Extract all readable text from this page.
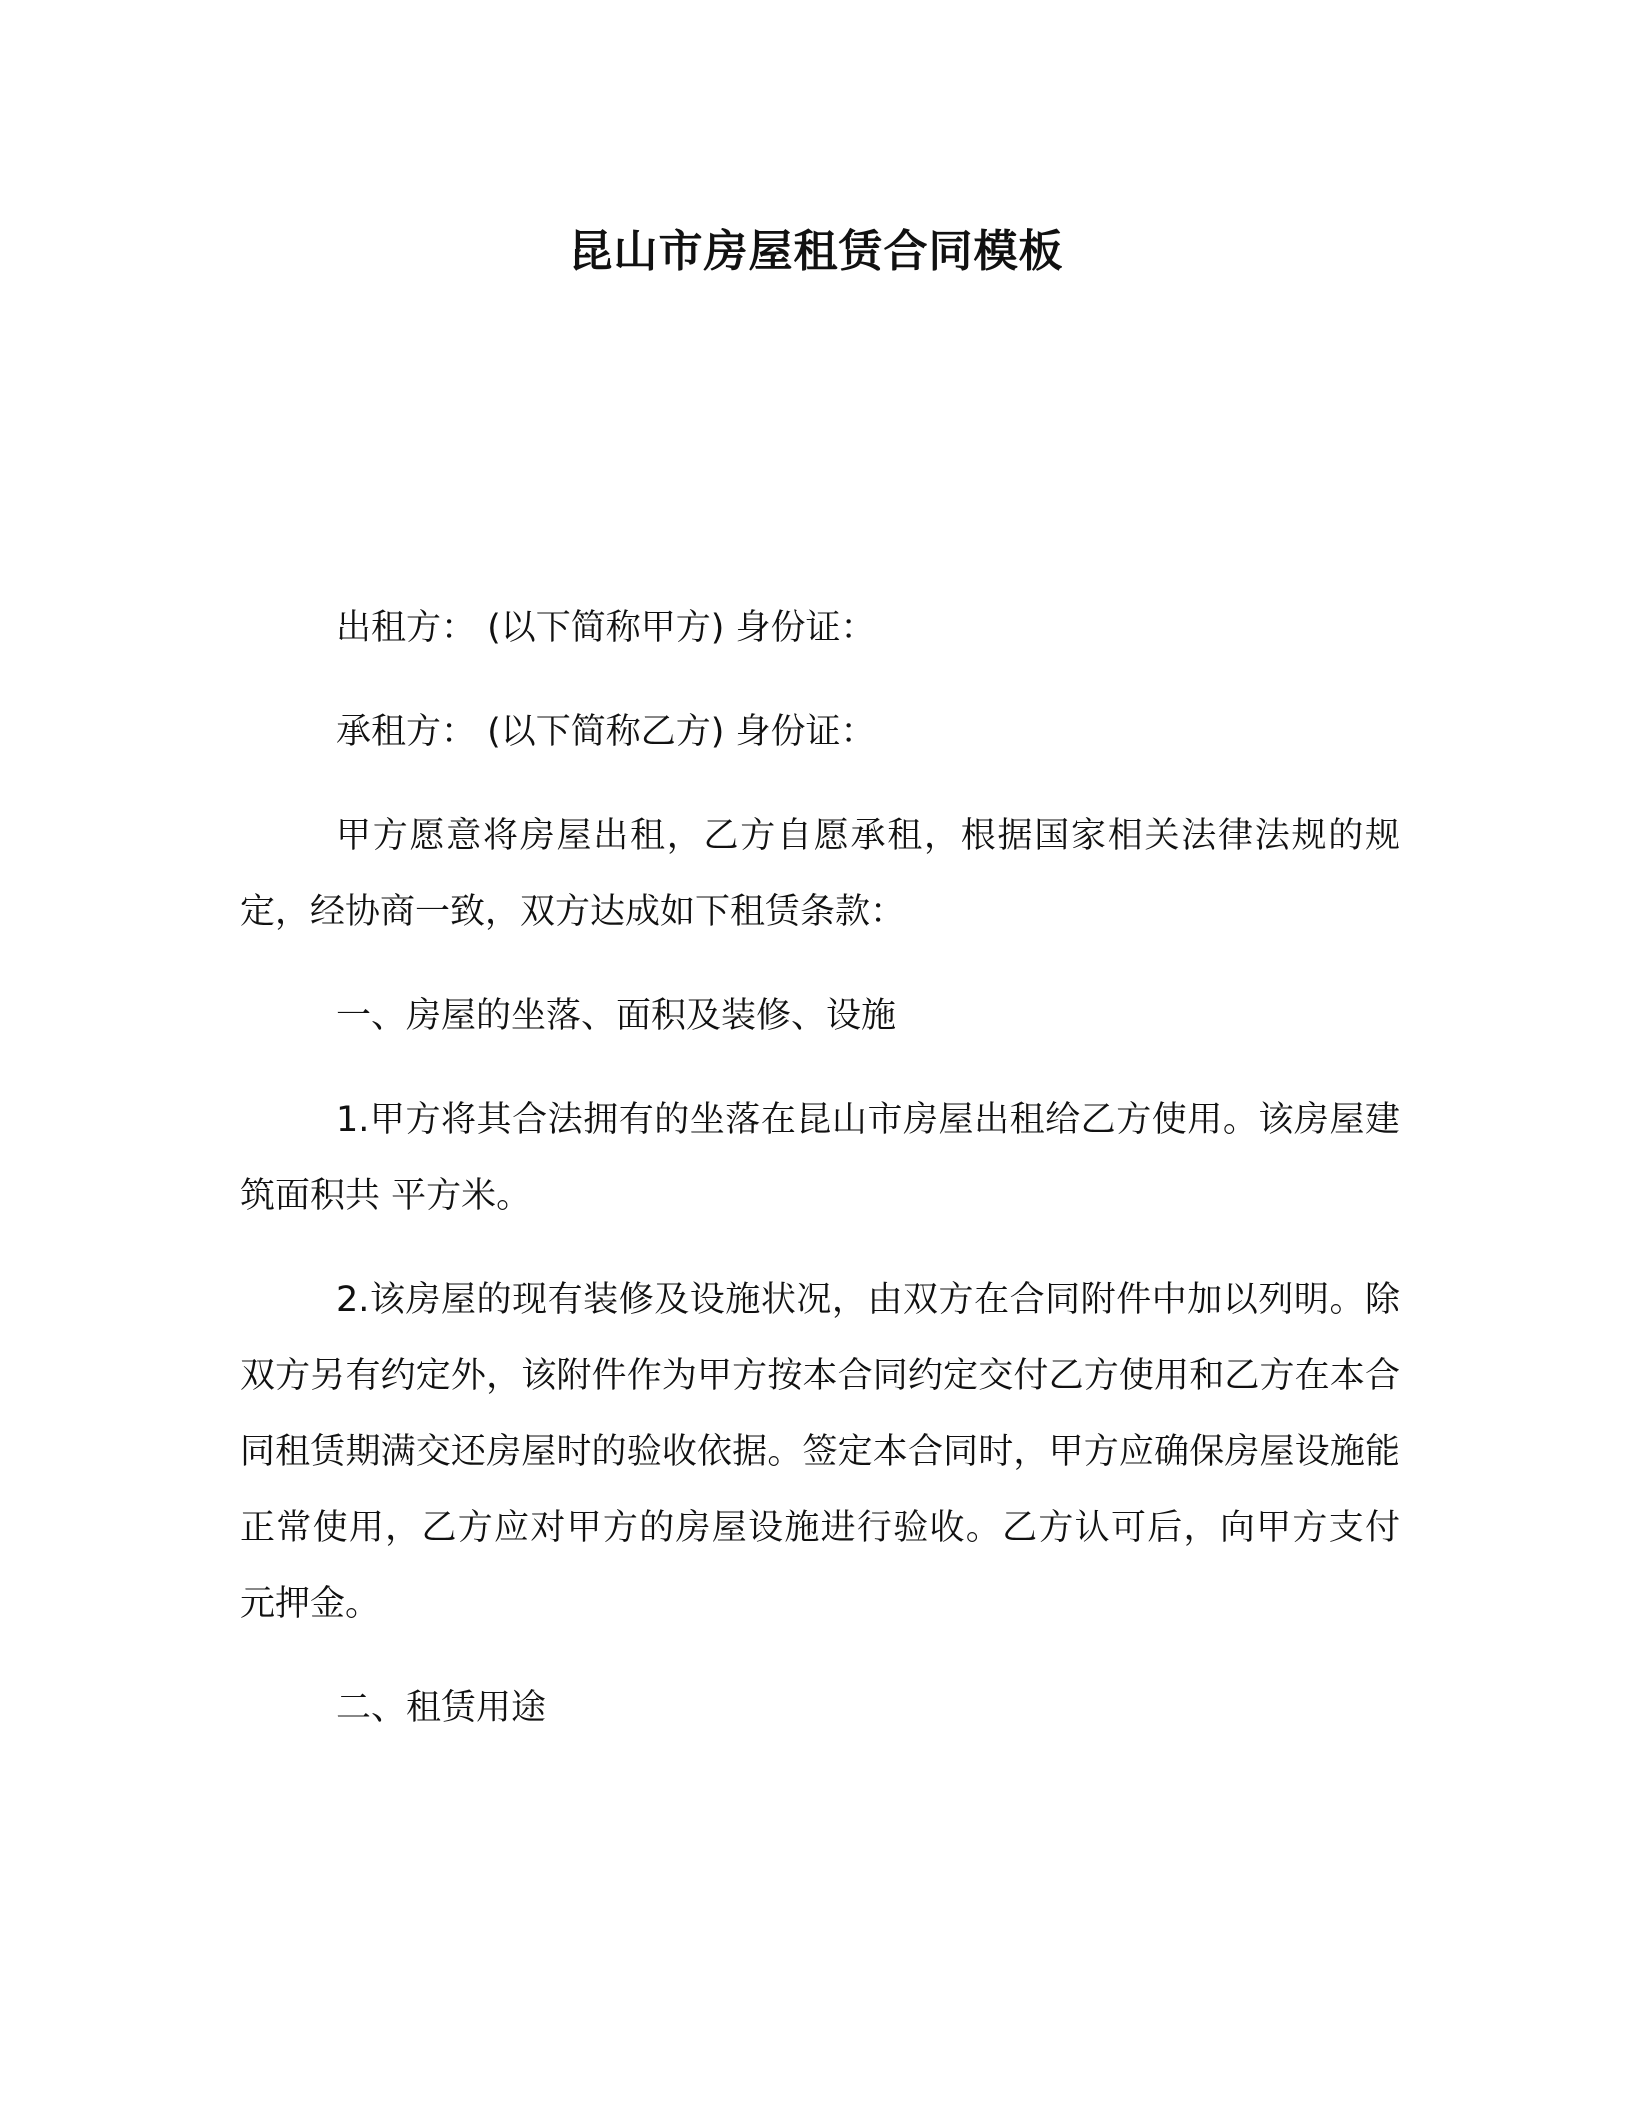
昆山市房屋租赁合同模板

出租方： (以下简称甲方) 身份证：

承租方： (以下简称乙方) 身份证：

甲方愿意将房屋出租，乙方自愿承租，根据国家相关法律法规的规定，经协商一致，双方达成如下租赁条款：

一、房屋的坐落、面积及装修、设施

1.甲方将其合法拥有的坐落在昆山市房屋出租给乙方使用。该房屋建筑面积共 平方米。

2.该房屋的现有装修及设施状况，由双方在合同附件中加以列明。除双方另有约定外，该附件作为甲方按本合同约定交付乙方使用和乙方在本合同租赁期满交还房屋时的验收依据。签定本合同时，甲方应确保房屋设施能正常使用，乙方应对甲方的房屋设施进行验收。乙方认可后，向甲方支付 元押金。

二、租赁用途
